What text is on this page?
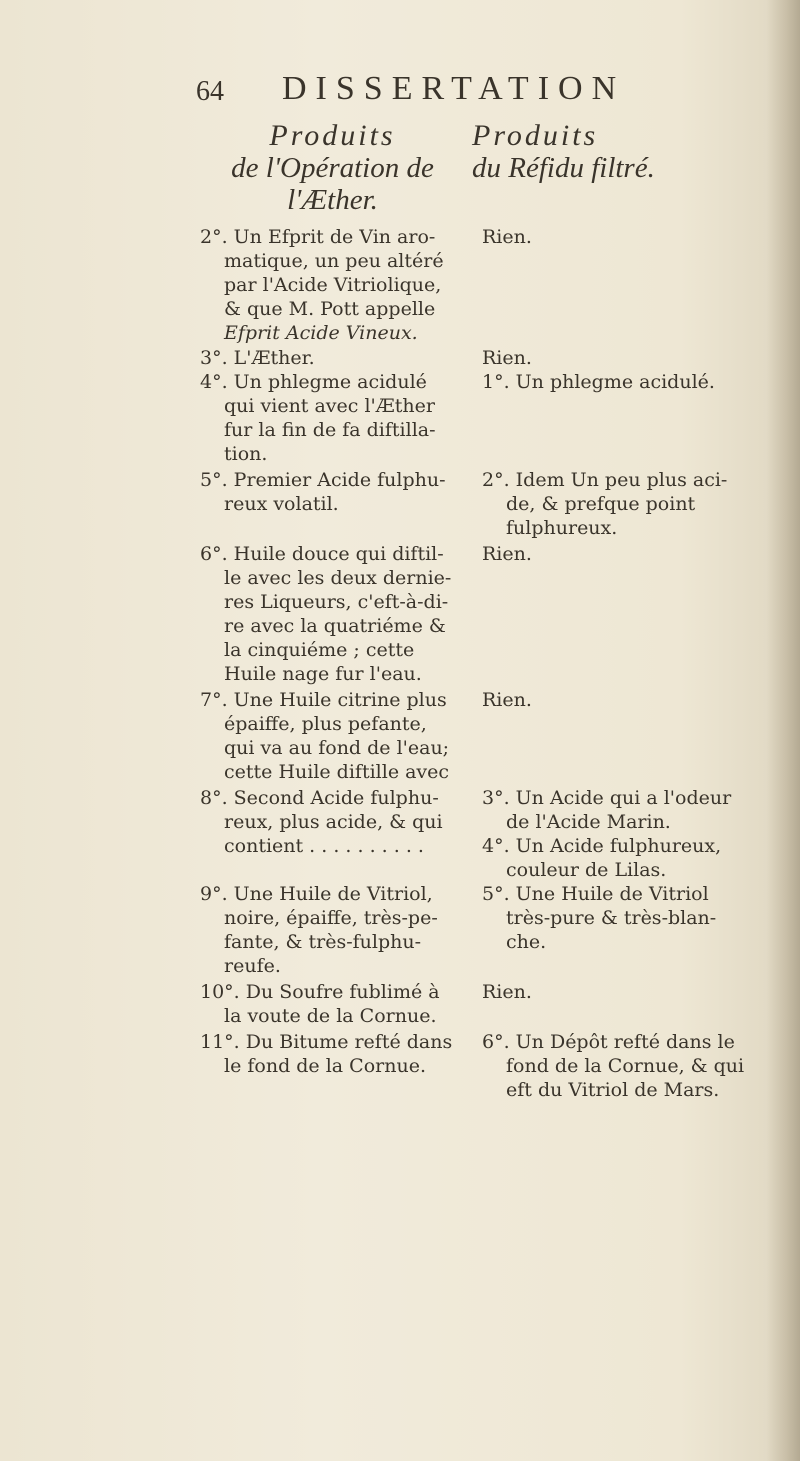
64 DISSERTATION
Produits
de l'Opération de
l'Æther.
Produits
du Réfidu filtré.
2°. Un Efprit de Vin aro-
matique, un peu altéré
par l'Acide Vitriolique,
& que M. Pott appelle
Efprit Acide Vineux.
3°. L'Æther.
4°. Un phlegme acidulé
qui vient avec l'Æther
fur la fin de fa diftilla-
tion.
5°. Premier Acide fulphu-
reux volatil.
6°. Huile douce qui diftil-
le avec les deux dernie-
res Liqueurs, c'eft-à-di-
re avec la quatriéme &
la cinquiéme ; cette
Huile nage fur l'eau.
7°. Une Huile citrine plus
épaiffe, plus pefante,
qui va au fond de l'eau;
cette Huile diftille avec
8°. Second Acide fulphu-
reux, plus acide, & qui
contient . . . . . . . . . .
9°. Une Huile de Vitriol,
noire, épaiffe, très-pe-
fante, & très-fulphu-
reufe.
10°. Du Soufre fublimé à
la voute de la Cornue.
11°. Du Bitume refté dans
le fond de la Cornue.
Rien.
Rien.
1°. Un phlegme acidulé.
2°. Idem Un peu plus aci-
de, & prefque point
fulphureux.
Rien.
Rien.
3°. Un Acide qui a l'odeur
de l'Acide Marin.
4°. Un Acide fulphureux,
couleur de Lilas.
5°. Une Huile de Vitriol
très-pure & très-blan-
che.
Rien.
6°. Un Dépôt refté dans le
fond de la Cornue, & qui
eft du Vitriol de Mars.
